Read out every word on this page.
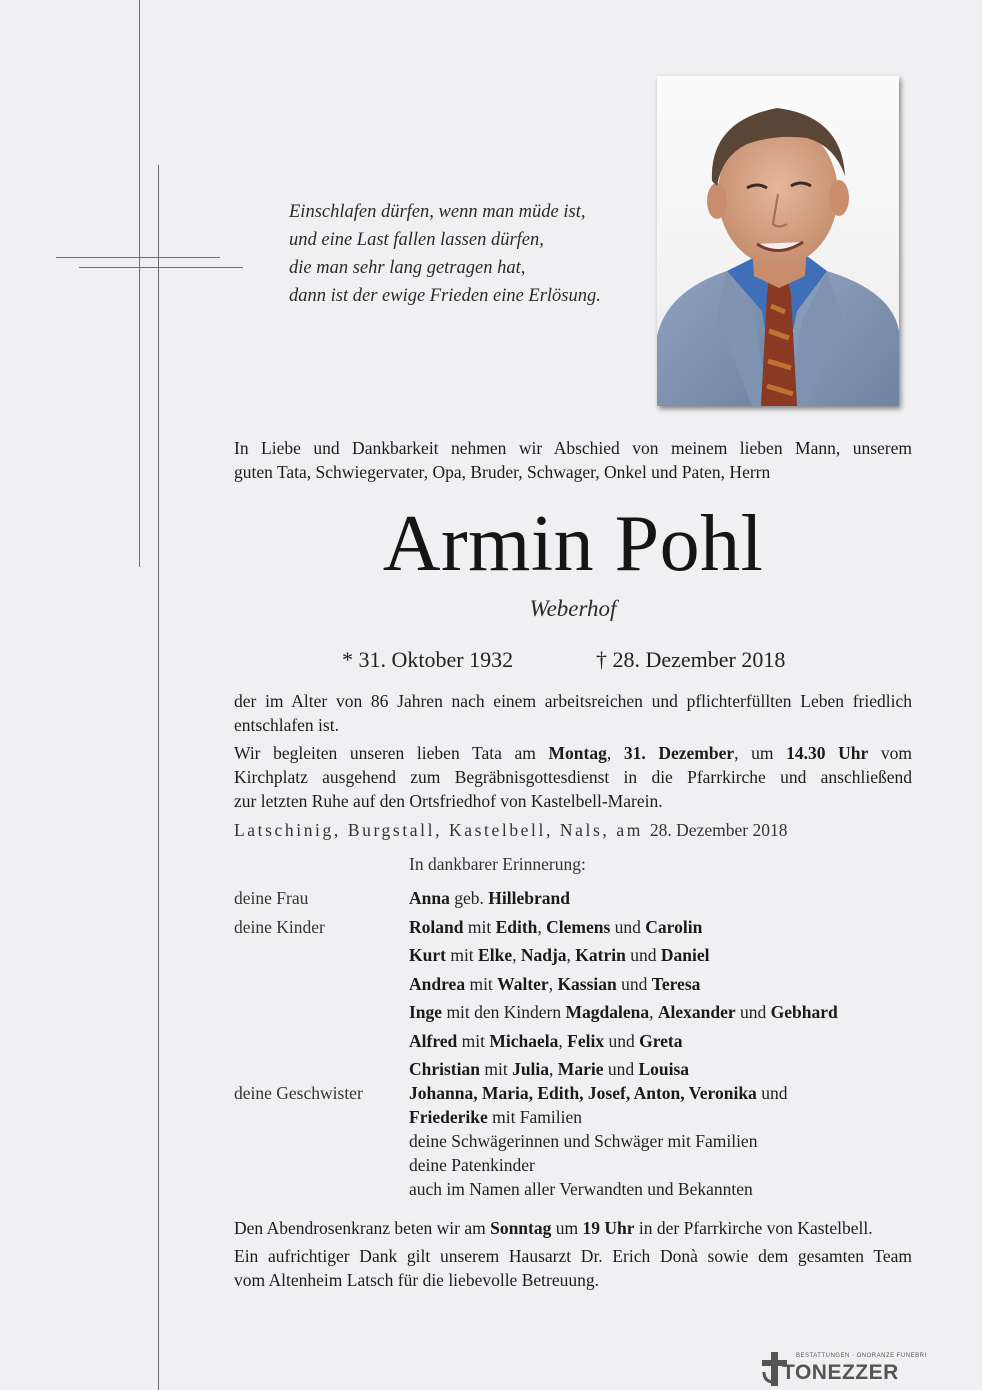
Einschlafen dürfen, wenn man müde ist,
und eine Last fallen lassen dürfen,
die man sehr lang getragen hat,
dann ist der ewige Frieden eine Erlösung.
In Liebe und Dankbarkeit nehmen wir Abschied von meinem lieben Mann, unserem
guten Tata, Schwiegervater, Opa, Bruder, Schwager, Onkel und Paten, Herrn
Armin Pohl
Weberhof
* 31. Oktober 1932	† 28. Dezember 2018
der im Alter von 86 Jahren nach einem arbeitsreichen und pflichterfüllten Leben friedlich
entschlafen ist.
Wir begleiten unseren lieben Tata am Montag, 31. Dezember, um 14.30 Uhr vom
Kirchplatz ausgehend zum Begräbnisgottesdienst in die Pfarrkirche und anschließend
zur letzten Ruhe auf den Ortsfriedhof von Kastelbell-Marein.
Latschinig, Burgstall, Kastelbell, Nals, am 28. Dezember 2018
In dankbarer Erinnerung:
deine Frau	Anna geb. Hillebrand
deine Kinder	Roland mit Edith, Clemens und Carolin
Kurt mit Elke, Nadja, Katrin und Daniel
Andrea mit Walter, Kassian und Teresa
Inge mit den Kindern Magdalena, Alexander und Gebhard
Alfred mit Michaela, Felix und Greta
Christian mit Julia, Marie und Louisa
deine Geschwister	Johanna, Maria, Edith, Josef, Anton, Veronika und
Friederike mit Familien
deine Schwägerinnen und Schwäger mit Familien
deine Patenkinder
auch im Namen aller Verwandten und Bekannten
Den Abendrosenkranz beten wir am Sonntag um 19 Uhr in der Pfarrkirche von Kastelbell.
Ein aufrichtiger Dank gilt unserem Hausarzt Dr. Erich Donà sowie dem gesamten Team
vom Altenheim Latsch für die liebevolle Betreuung.
BESTATTUNGEN · ONORANZE FUNEBRI
TONEZZER
